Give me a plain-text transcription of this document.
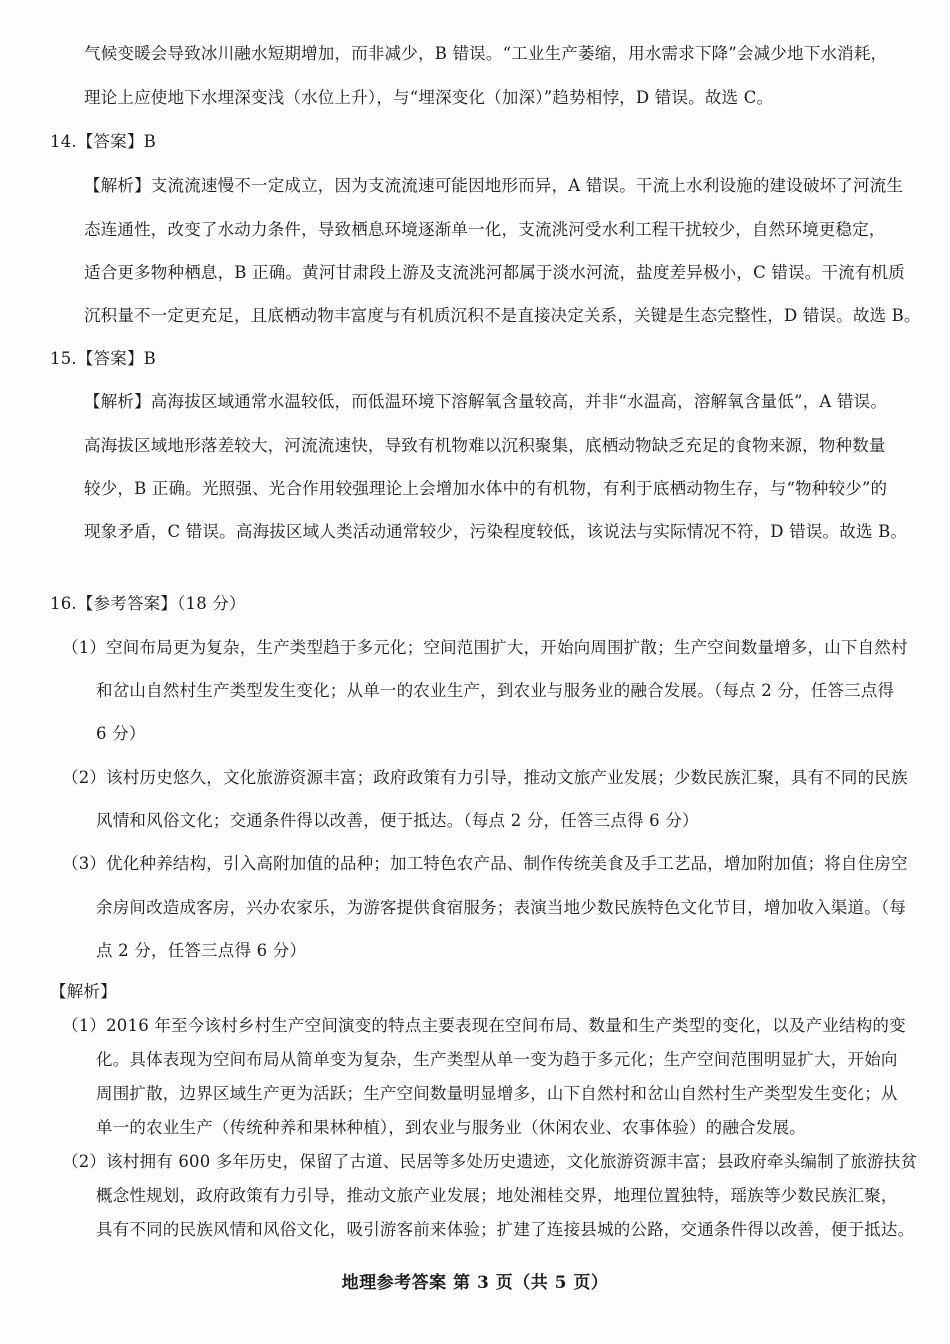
气候变暖会导致冰川融水短期增加，而非减少，B 错误。“工业生产萎缩，用水需求下降”会减少地下水消耗，
理论上应使地下水埋深变浅（水位上升），与“埋深变化（加深）”趋势相悖，D 错误。故选 C。
14.【答案】B
【解析】支流流速慢不一定成立，因为支流流速可能因地形而异，A 错误。干流上水利设施的建设破坏了河流生
态连通性，改变了水动力条件，导致栖息环境逐渐单一化，支流洮河受水利工程干扰较少，自然环境更稳定，
适合更多物种栖息，B 正确。黄河甘肃段上游及支流洮河都属于淡水河流，盐度差异极小，C 错误。干流有机质
沉积量不一定更充足，且底栖动物丰富度与有机质沉积不是直接决定关系，关键是生态完整性，D 错误。故选 B。
15.【答案】B
【解析】高海拔区域通常水温较低，而低温环境下溶解氧含量较高，并非“水温高，溶解氧含量低”，A 错误。
高海拔区域地形落差较大，河流流速快，导致有机物难以沉积聚集，底栖动物缺乏充足的食物来源，物种数量
较少，B 正确。光照强、光合作用较强理论上会增加水体中的有机物，有利于底栖动物生存，与“物种较少”的
现象矛盾，C 错误。高海拔区域人类活动通常较少，污染程度较低，该说法与实际情况不符，D 错误。故选 B。
16.【参考答案】（18 分）
（1）空间布局更为复杂，生产类型趋于多元化；空间范围扩大，开始向周围扩散；生产空间数量增多，山下自然村
和岔山自然村生产类型发生变化；从单一的农业生产，到农业与服务业的融合发展。（每点 2 分，任答三点得
6 分）
（2）该村历史悠久，文化旅游资源丰富；政府政策有力引导，推动文旅产业发展；少数民族汇聚，具有不同的民族
风情和风俗文化；交通条件得以改善，便于抵达。（每点 2 分，任答三点得 6 分）
（3）优化种养结构，引入高附加值的品种；加工特色农产品、制作传统美食及手工艺品，增加附加值；将自住房空
余房间改造成客房，兴办农家乐，为游客提供食宿服务；表演当地少数民族特色文化节目，增加收入渠道。（每
点 2 分，任答三点得 6 分）
【解析】
（1）2016 年至今该村乡村生产空间演变的特点主要表现在空间布局、数量和生产类型的变化，以及产业结构的变
化。具体表现为空间布局从简单变为复杂，生产类型从单一变为趋于多元化；生产空间范围明显扩大，开始向
周围扩散，边界区域生产更为活跃；生产空间数量明显增多，山下自然村和岔山自然村生产类型发生变化；从
单一的农业生产（传统种养和果林种植），到农业与服务业（休闲农业、农事体验）的融合发展。
（2）该村拥有 600 多年历史，保留了古道、民居等多处历史遗迹，文化旅游资源丰富；县政府牵头编制了旅游扶贫
地理参考答案 第 3 页（共 5 页）
概念性规划，政府政策有力引导，推动文旅产业发展；地处湘桂交界，地理位置独特，瑶族等少数民族汇聚，
具有不同的民族风情和风俗文化，吸引游客前来体验；扩建了连接县城的公路，交通条件得以改善，便于抵达。
